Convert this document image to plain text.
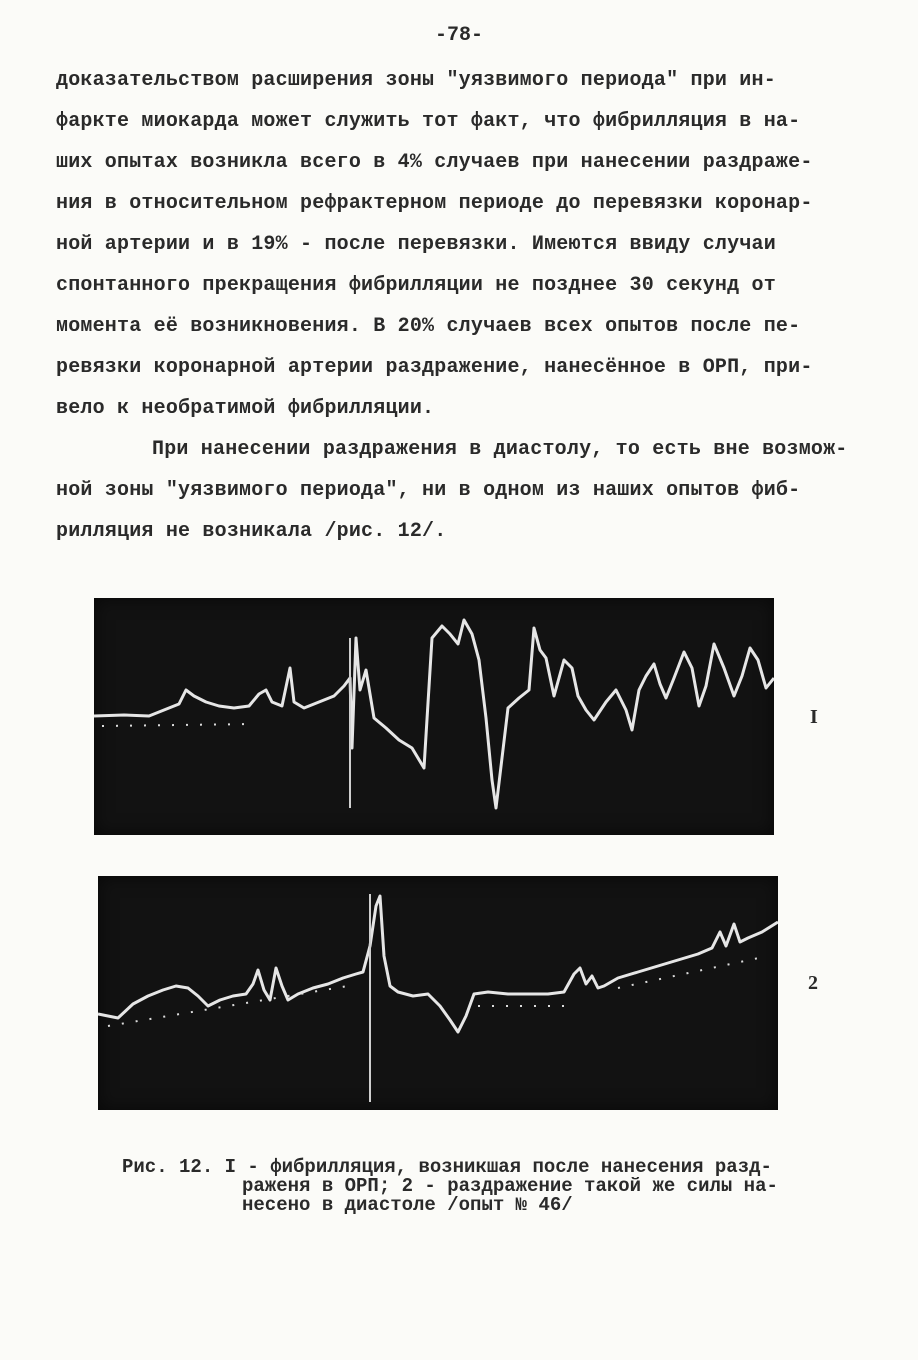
-78-
доказательством расширения зоны "уязвимого периода" при ин-
фаркте миокарда может служить тот факт, что фибрилляция в на-
ших опытах возникла всего в 4% случаев при нанесении раздраже-
ния в относительном рефрактерном периоде до перевязки коронар-
ной артерии и в 19% - после перевязки. Имеются ввиду случаи
спонтанного прекращения фибрилляции не позднее 30 секунд от
момента её возникновения. В 20% случаев всех опытов после пе-
ревязки коронарной артерии раздражение, нанесённое в ОРП, при-
вело к необратимой фибрилляции.
При нанесении раздражения в диастолу, то есть вне возмож-
ной зоны "уязвимого периода", ни в одном из наших опытов фиб-
рилляция не возникала /рис. 12/.
I
2
Рис. 12. I - фибрилляция, возникшая после нанесения разд-
раженя в ОРП; 2 - раздражение такой же силы на-
несено в диастоле /опыт № 46/
